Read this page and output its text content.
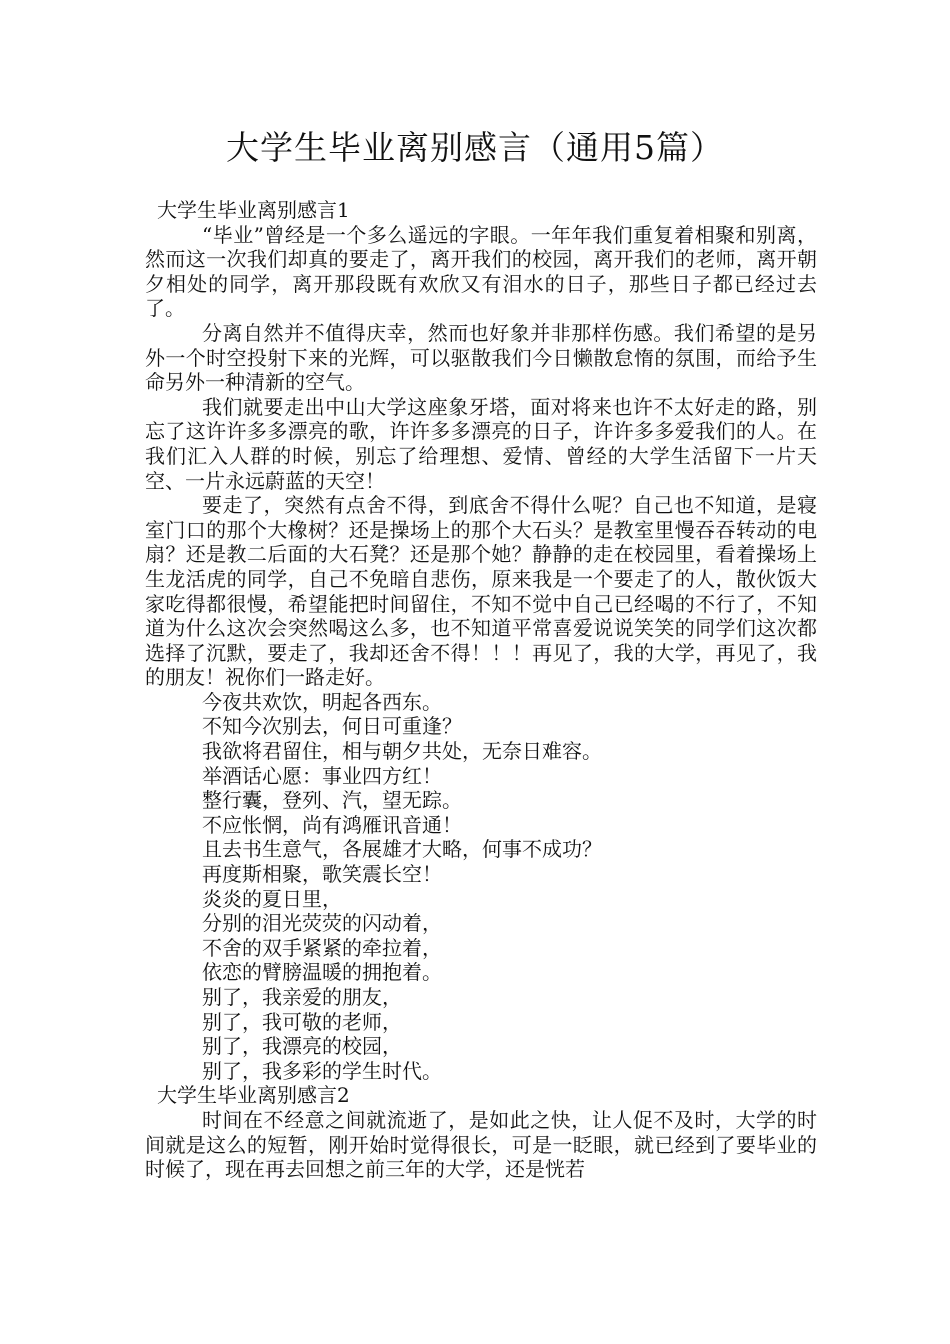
大学生毕业离别感言（通用5篇）

大学生毕业离别感言1

“毕业”曾经是一个多么遥远的字眼。一年年我们重复着相聚和别离，然而这一次我们却真的要走了，离开我们的校园，离开我们的老师，离开朝夕相处的同学，离开那段既有欢欣又有泪水的日子，那些日子都已经过去了。

分离自然并不值得庆幸，然而也好象并非那样伤感。我们希望的是另外一个时空投射下来的光辉，可以驱散我们今日懒散怠惰的氛围，而给予生命另外一种清新的空气。

我们就要走出中山大学这座象牙塔，面对将来也许不太好走的路，别忘了这许许多多漂亮的歌，许许多多漂亮的日子，许许多多爱我们的人。在我们汇入人群的时候，别忘了给理想、爱情、曾经的大学生活留下一片天空、一片永远蔚蓝的天空！

要走了，突然有点舍不得，到底舍不得什么呢？自己也不知道，是寝室门口的那个大橡树？还是操场上的那个大石头？是教室里慢吞吞转动的电扇？还是教二后面的大石凳？还是那个她？静静的走在校园里，看着操场上生龙活虎的同学，自己不免暗自悲伤，原来我是一个要走了的人，散伙饭大家吃得都很慢，希望能把时间留住，不知不觉中自己已经喝的不行了，不知道为什么这次会突然喝这么多，也不知道平常喜爱说说笑笑的同学们这次都选择了沉默，要走了，我却还舍不得！！！再见了，我的大学，再见了，我的朋友！祝你们一路走好。

今夜共欢饮，明起各西东。

不知今次别去，何日可重逢？

我欲将君留住，相与朝夕共处，无奈日难容。

举酒话心愿：事业四方红！

整行囊，登列、汽，望无踪。

不应怅惘，尚有鸿雁讯音通！

且去书生意气，各展雄才大略，何事不成功？

再度斯相聚，歌笑震长空！

炎炎的夏日里，

分别的泪光荧荧的闪动着，

不舍的双手紧紧的牵拉着，

依恋的臂膀温暖的拥抱着。

别了，我亲爱的朋友，

别了，我可敬的老师，

别了，我漂亮的校园，

别了，我多彩的学生时代。

大学生毕业离别感言2

时间在不经意之间就流逝了，是如此之快，让人促不及时，大学的时间就是这么的短暂，刚开始时觉得很长，可是一眨眼，就已经到了要毕业的时候了，现在再去回想之前三年的大学，还是恍若
